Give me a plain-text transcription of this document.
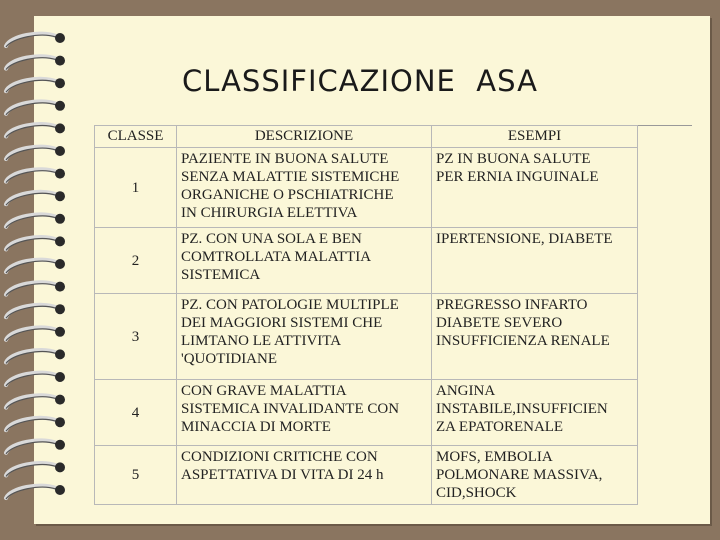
CLASSIFICAZIONE  ASA
CLASSE	DESCRIZIONE	ESEMPI
1	PAZIENTE IN BUONA SALUTE
SENZA MALATTIE SISTEMICHE
ORGANICHE O PSCHIATRICHE
IN CHIRURGIA ELETTIVA	PZ IN BUONA SALUTE
PER ERNIA INGUINALE

2	PZ. CON UNA SOLA E BEN
COMTROLLATA MALATTIA
SISTEMICA	IPERTENSIONE, DIABETE

3	PZ. CON PATOLOGIE MULTIPLE
DEI MAGGIORI SISTEMI CHE
LIMTANO LE ATTIVITA
'QUOTIDIANE	PREGRESSO INFARTO
DIABETE SEVERO
INSUFFICIENZA RENALE

4	CON GRAVE MALATTIA
SISTEMICA INVALIDANTE CON
MINACCIA DI MORTE	ANGINA
INSTABILE,INSUFFICIEN
ZA EPATORENALE

5	CONDIZIONI CRITICHE CON
ASPETTATIVA DI VITA DI 24 h	MOFS, EMBOLIA
POLMONARE MASSIVA,
CID,SHOCK
